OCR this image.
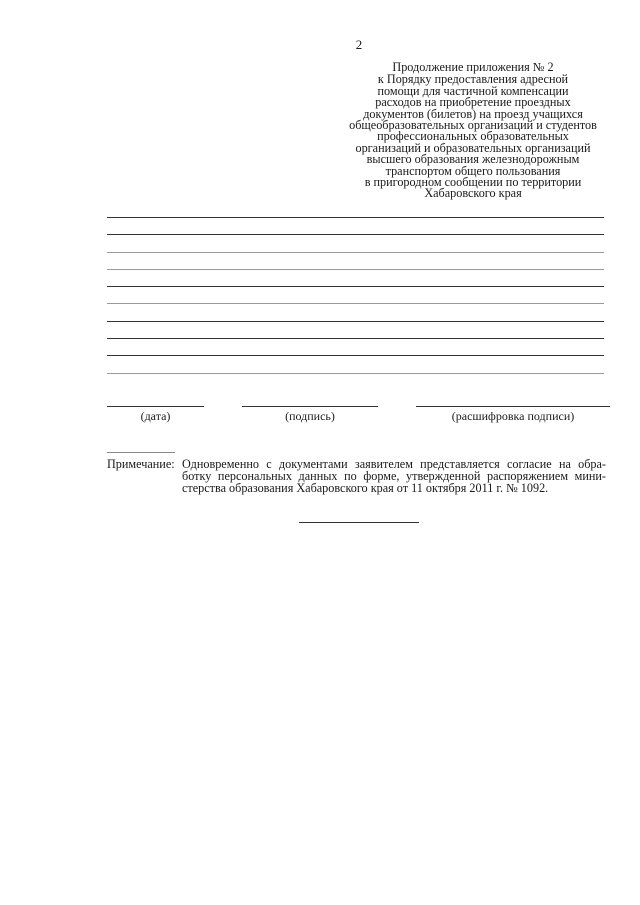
2
Продолжение приложения № 2
к Порядку предоставления адресной
помощи для частичной компенсации
расходов на приобретение проездных
документов (билетов) на проезд учащихся
общеобразовательных организаций и студентов
профессиональных образовательных
организаций и образовательных организаций
высшего образования железнодорожным
транспортом общего пользования
в пригородном сообщении по территории
Хабаровского края
(дата)	(подпись)	(расшифровка подписи)
Примечание: Одновременно с документами заявителем представляется согласие на обра-
ботку персональных данных по форме, утвержденной распоряжением мини-
стерства образования Хабаровского края от 11 октября 2011 г. № 1092.
